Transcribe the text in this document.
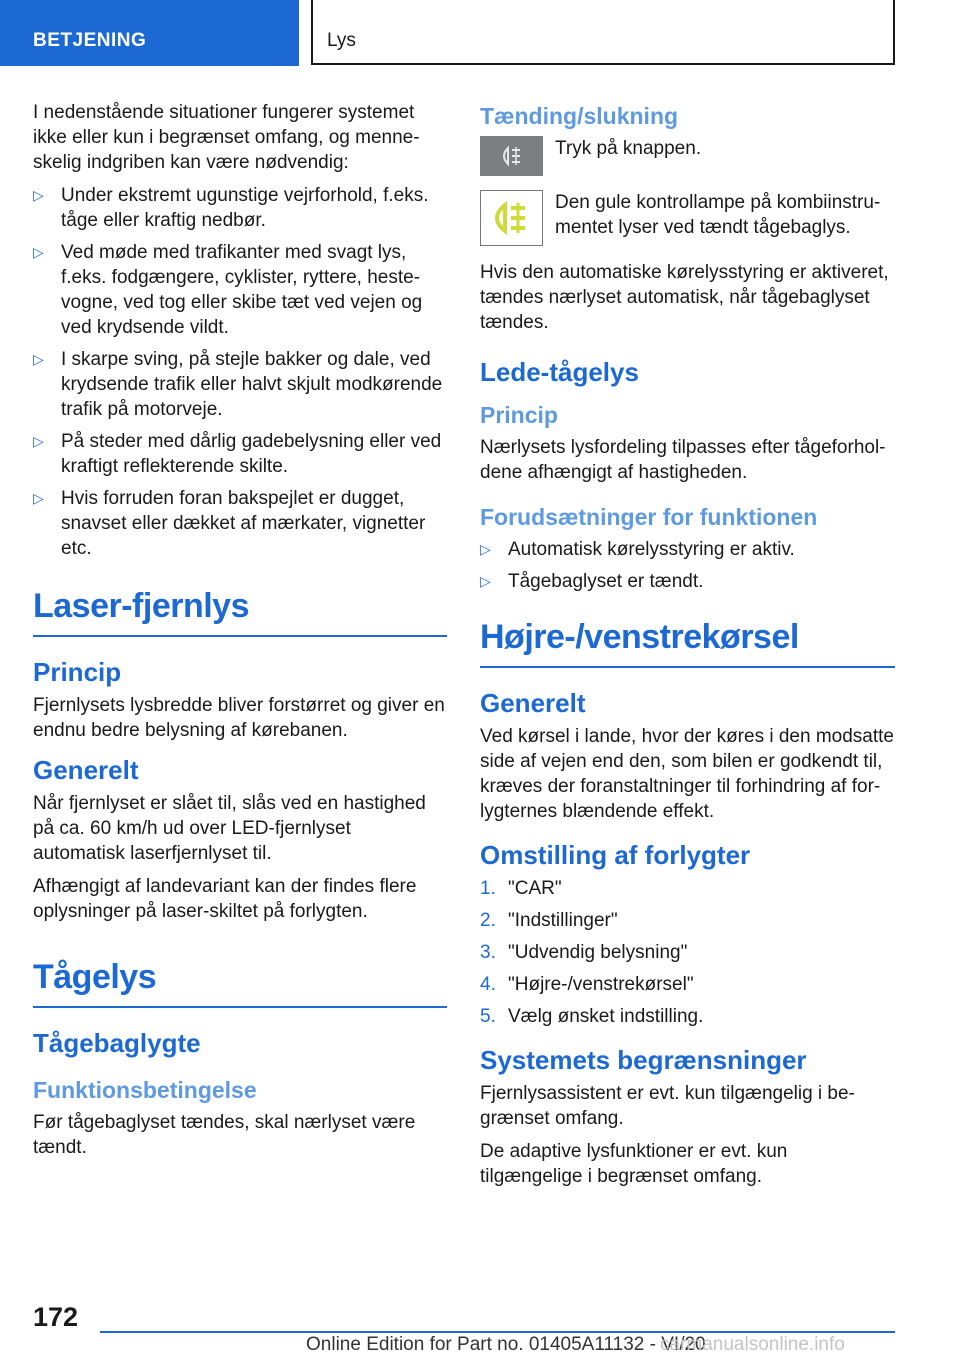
BETJENING	Lys

I nedenstående situationer fungerer systemet ikke eller kun i begrænset omfang, og menne-skelig indgriben kan være nødvendig:

▷ Under ekstremt ugunstige vejrforhold, f.eks. tåge eller kraftig nedbør.
▷ Ved møde med trafikanter med svagt lys, f.eks. fodgængere, cyklister, ryttere, heste-vogne, ved tog eller skibe tæt ved vejen og ved krydsende vildt.
▷ I skarpe sving, på stejle bakker og dale, ved krydsende trafik eller halvt skjult modkørende trafik på motorveje.
▷ På steder med dårlig gadebelysning eller ved kraftigt reflekterende skilte.
▷ Hvis forruden foran bakspejlet er dugget, snavset eller dækket af mærkater, vignetter etc.
Laser-fjernlys
Princip

Fjernlysets lysbredde bliver forstørret og giver en endnu bedre belysning af kørebanen.

Generelt

Når fjernlyset er slået til, slås ved en hastighed på ca. 60 km/h ud over LED-fjernlyset automatisk laserfjernlyset til.

Afhængigt af landevariant kan der findes flere oplysninger på laser-skiltet på forlygten.

Tågelys
Tågebaglygte
Funktionsbetingelse

Før tågebaglyset tændes, skal nærlyset være tændt.

Tænding/slukning

Tryk på knappen.

Den gule kontrollampe på kombiinstru-mentet lyser ved tændt tågebaglys.

Hvis den automatiske kørelysstyring er aktiveret, tændes nærlyset automatisk, når tågebaglyset tændes.

Lede-tågelys
Princip

Nærlysets lysfordeling tilpasses efter tågeforhol-dene afhængigt af hastigheden.

Forudsætninger for funktionen
▷ Automatisk kørelysstyring er aktiv.
▷ Tågebaglyset er tændt.
Højre-/venstrekørsel
Generelt

Ved kørsel i lande, hvor der køres i den modsatte side af vejen end den, som bilen er godkendt til, kræves der foranstaltninger til forhindring af for-lygternes blændende effekt.

Omstilling af forlygter
1. "CAR"
2. "Indstillinger"
3. "Udvendig belysning"
4. "Højre-/venstrekørsel"
5. Vælg ønsket indstilling.
Systemets begrænsninger

Fjernlysassistent er evt. kun tilgængelig i be-grænset omfang.

De adaptive lysfunktioner er evt. kun tilgængelige i begrænset omfang.

172
Online Edition for Part no. 01405A11132 - VI/20
carmanualsonline.info
